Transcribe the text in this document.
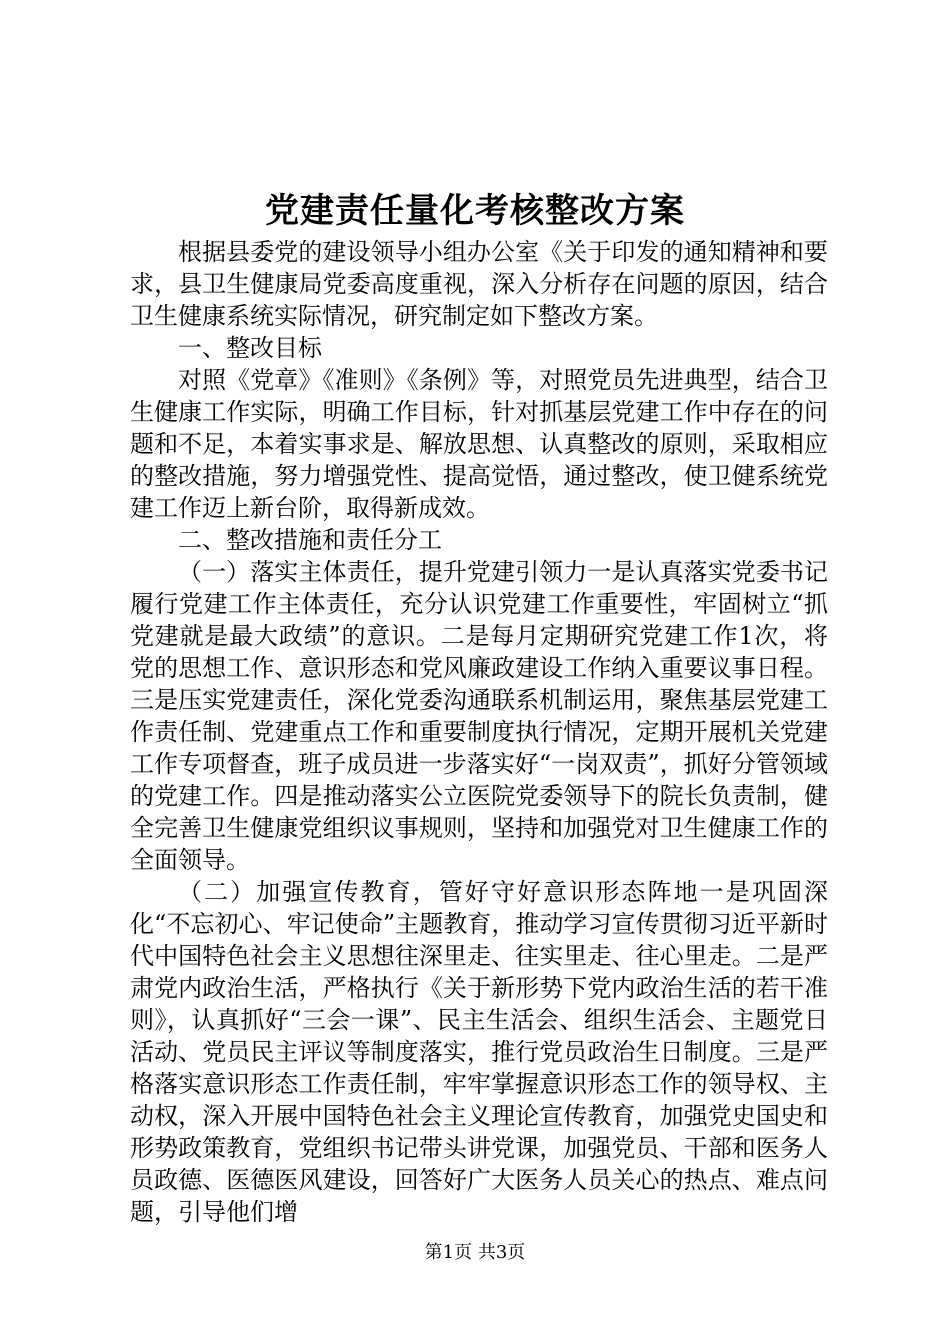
党建责任量化考核整改方案

根据县委党的建设领导小组办公室《关于印发的通知精神和要求，县卫生健康局党委高度重视，深入分析存在问题的原因，结合卫生健康系统实际情况，研究制定如下整改方案。

一、整改目标

对照《党章》《准则》《条例》等，对照党员先进典型，结合卫生健康工作实际，明确工作目标，针对抓基层党建工作中存在的问题和不足，本着实事求是、解放思想、认真整改的原则，采取相应的整改措施，努力增强党性、提高觉悟，通过整改，使卫健系统党建工作迈上新台阶，取得新成效。

二、整改措施和责任分工

（一）落实主体责任，提升党建引领力一是认真落实党委书记履行党建工作主体责任，充分认识党建工作重要性，牢固树立“抓党建就是最大政绩”的意识。二是每月定期研究党建工作1次，将党的思想工作、意识形态和党风廉政建设工作纳入重要议事日程。三是压实党建责任，深化党委沟通联系机制运用，聚焦基层党建工作责任制、党建重点工作和重要制度执行情况，定期开展机关党建工作专项督查，班子成员进一步落实好“一岗双责”，抓好分管领域的党建工作。四是推动落实公立医院党委领导下的院长负责制，健全完善卫生健康党组织议事规则，坚持和加强党对卫生健康工作的全面领导。

（二）加强宣传教育，管好守好意识形态阵地一是巩固深化“不忘初心、牢记使命”主题教育，推动学习宣传贯彻习近平新时代中国特色社会主义思想往深里走、往实里走、往心里走。二是严肃党内政治生活，严格执行《关于新形势下党内政治生活的若干准则》，认真抓好“三会一课”、民主生活会、组织生活会、主题党日活动、党员民主评议等制度落实，推行党员政治生日制度。三是严格落实意识形态工作责任制，牢牢掌握意识形态工作的领导权、主动权，深入开展中国特色社会主义理论宣传教育，加强党史国史和形势政策教育，党组织书记带头讲党课，加强党员、干部和医务人员政德、医德医风建设，回答好广大医务人员关心的热点、难点问题，引导他们增

第1页 共3页
